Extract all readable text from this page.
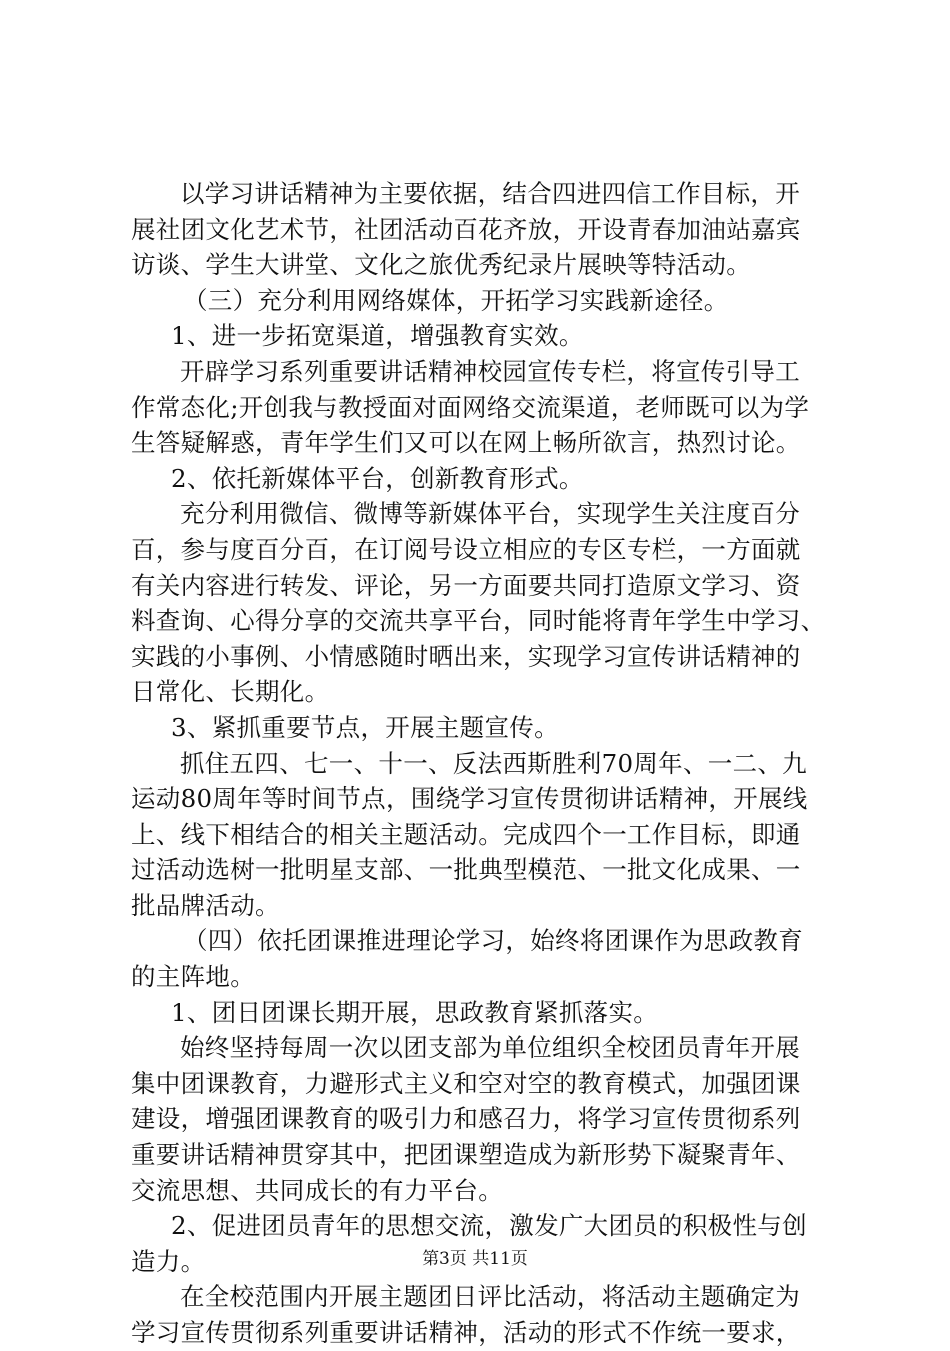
以学习讲话精神为主要依据，结合四进四信工作目标，开
展社团文化艺术节，社团活动百花齐放，开设青春加油站嘉宾
访谈、学生大讲堂、文化之旅优秀纪录片展映等特活动。
（三）充分利用网络媒体，开拓学习实践新途径。
1、进一步拓宽渠道，增强教育实效。
开辟学习系列重要讲话精神校园宣传专栏，将宣传引导工
作常态化;开创我与教授面对面网络交流渠道，老师既可以为学
生答疑解惑，青年学生们又可以在网上畅所欲言，热烈讨论。
2、依托新媒体平台，创新教育形式。
充分利用微信、微博等新媒体平台，实现学生关注度百分
百，参与度百分百，在订阅号设立相应的专区专栏，一方面就
有关内容进行转发、评论，另一方面要共同打造原文学习、资
料查询、心得分享的交流共享平台，同时能将青年学生中学习、
实践的小事例、小情感随时晒出来，实现学习宣传讲话精神的
日常化、长期化。
3、紧抓重要节点，开展主题宣传。
抓住五四、七一、十一、反法西斯胜利70周年、一二、九
运动80周年等时间节点，围绕学习宣传贯彻讲话精神，开展线
上、线下相结合的相关主题活动。完成四个一工作目标，即通
过活动选树一批明星支部、一批典型模范、一批文化成果、一
批品牌活动。
（四）依托团课推进理论学习，始终将团课作为思政教育
的主阵地。
1、团日团课长期开展，思政教育紧抓落实。
始终坚持每周一次以团支部为单位组织全校团员青年开展
集中团课教育，力避形式主义和空对空的教育模式，加强团课
建设，增强团课教育的吸引力和感召力，将学习宣传贯彻系列
重要讲话精神贯穿其中，把团课塑造成为新形势下凝聚青年、
交流思想、共同成长的有力平台。
2、促进团员青年的思想交流，激发广大团员的积极性与创
造力。
在全校范围内开展主题团日评比活动，将活动主题确定为
学习宣传贯彻系列重要讲话精神，活动的形式不作统一要求，
第3页 共11页
